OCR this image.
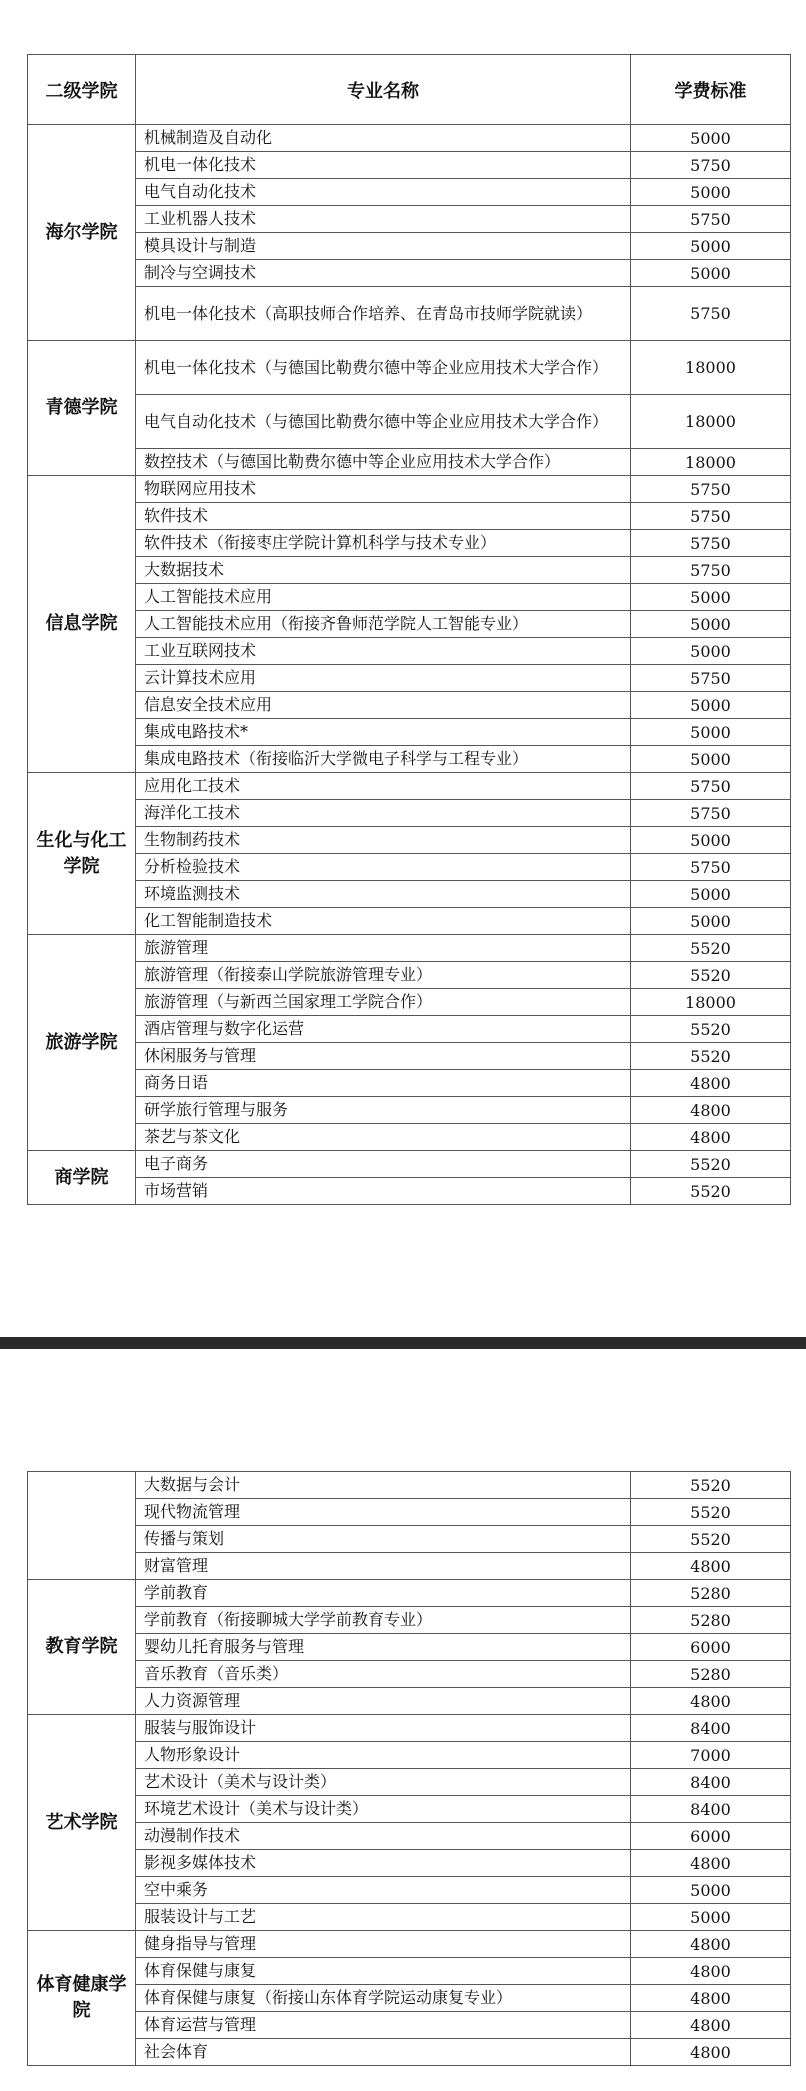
二级学院	专业名称	学费标准
海尔学院	机械制造及自动化	5000
	机电一体化技术	5750
	电气自动化技术	5000
	工业机器人技术	5750
	模具设计与制造	5000
	制冷与空调技术	5000
	机电一体化技术（高职技师合作培养、在青岛市技师学院就读）	5750
青德学院	机电一体化技术（与德国比勒费尔德中等企业应用技术大学合作）	18000
	电气自动化技术（与德国比勒费尔德中等企业应用技术大学合作）	18000
	数控技术（与德国比勒费尔德中等企业应用技术大学合作）	18000
信息学院	物联网应用技术	5750
	软件技术	5750
	软件技术（衔接枣庄学院计算机科学与技术专业）	5750
	大数据技术	5750
	人工智能技术应用	5000
	人工智能技术应用（衔接齐鲁师范学院人工智能专业）	5000
	工业互联网技术	5000
	云计算技术应用	5750
	信息安全技术应用	5000
	集成电路技术*	5000
	集成电路技术（衔接临沂大学微电子科学与工程专业）	5000
生化与化工学院	应用化工技术	5750
	海洋化工技术	5750
	生物制药技术	5000
	分析检验技术	5750
	环境监测技术	5000
	化工智能制造技术	5000
旅游学院	旅游管理	5520
	旅游管理（衔接泰山学院旅游管理专业）	5520
	旅游管理（与新西兰国家理工学院合作）	18000
	酒店管理与数字化运营	5520
	休闲服务与管理	5520
	商务日语	4800
	研学旅行管理与服务	4800
	茶艺与茶文化	4800
商学院	电子商务	5520
	市场营销	5520
	大数据与会计	5520
	现代物流管理	5520
	传播与策划	5520
	财富管理	4800
教育学院	学前教育	5280
	学前教育（衔接聊城大学学前教育专业）	5280
	婴幼儿托育服务与管理	6000
	音乐教育（音乐类）	5280
	人力资源管理	4800
艺术学院	服装与服饰设计	8400
	人物形象设计	7000
	艺术设计（美术与设计类）	8400
	环境艺术设计（美术与设计类）	8400
	动漫制作技术	6000
	影视多媒体技术	4800
	空中乘务	5000
	服装设计与工艺	5000
体育健康学院	健身指导与管理	4800
	体育保健与康复	4800
	体育保健与康复（衔接山东体育学院运动康复专业）	4800
	体育运营与管理	4800
	社会体育	4800
